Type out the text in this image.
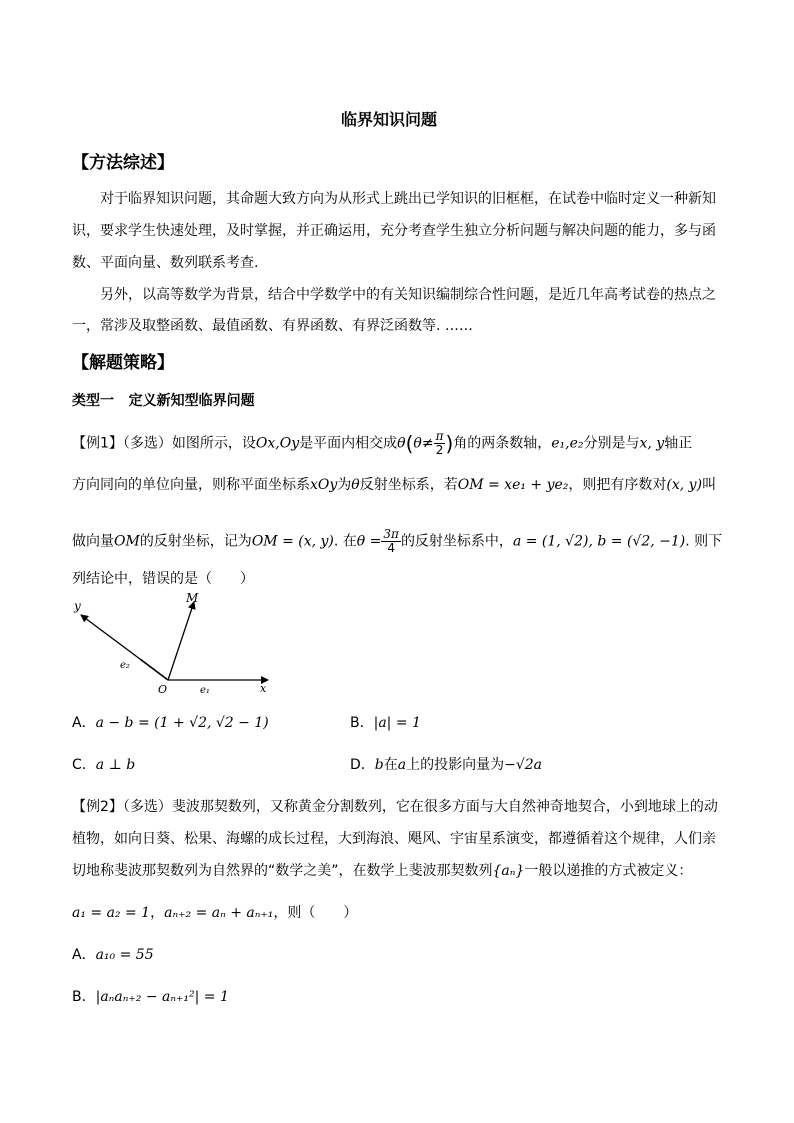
临界知识问题
【方法综述】
对于临界知识问题，其命题大致方向为从形式上跳出已学知识的旧框框，在试卷中临时定义一种新知
识，要求学生快速处理，及时掌握，并正确运用，充分考查学生独立分析问题与解决问题的能力，多与函
数、平面向量、数列联系考查.
另外，以高等数学为背景，结合中学数学中的有关知识编制综合性问题，是近几年高考试卷的热点之
一，常涉及取整函数、最值函数、有界函数、有界泛函数等. ……
【解题策略】
类型一 定义新知型临界问题
【例1】（多选）如图所示，设Ox,Oy是平面内相交成$\theta(\theta\ne \frac{\pi}{2}$ )角的两条数轴，e₁,e₂分别是与x, y轴正
方向同向的单位向量，则称平面坐标系xOy为θ反射坐标系，若OM = xe₁ + ye₂，则把有序数对(x, y)叫
做向量OM的反射坐标，记为OM = (x, y). 在$\theta = \frac{3\pi}{4}$ 的反射坐标系中，a = (1, √2), b = (√2, −1). 则下
列结论中，错误的是（　　）
y
M
e₂
O	e₁	x
A．a − b = (1 + √2, √2 − 1)	B．|a| = 1
C．a ⊥ b	D．b在a上的投影向量为−√2a
【例2】（多选）斐波那契数列，又称黄金分割数列，它在很多方面与大自然神奇地契合，小到地球上的动
植物，如向日葵、松果、海螺的成长过程，大到海浪、飓风、宇宙星系演变，都遵循着这个规律，人们亲
切地称斐波那契数列为自然界的“数学之美”，在数学上斐波那契数列{aₙ}一般以递推的方式被定义：
a₁ = a₂ = 1，aₙ₊₂ = aₙ + aₙ₊₁，则（　　）
A．a₁₀ = 55
B．|aₙaₙ₊₂ − aₙ₊₁²| = 1
